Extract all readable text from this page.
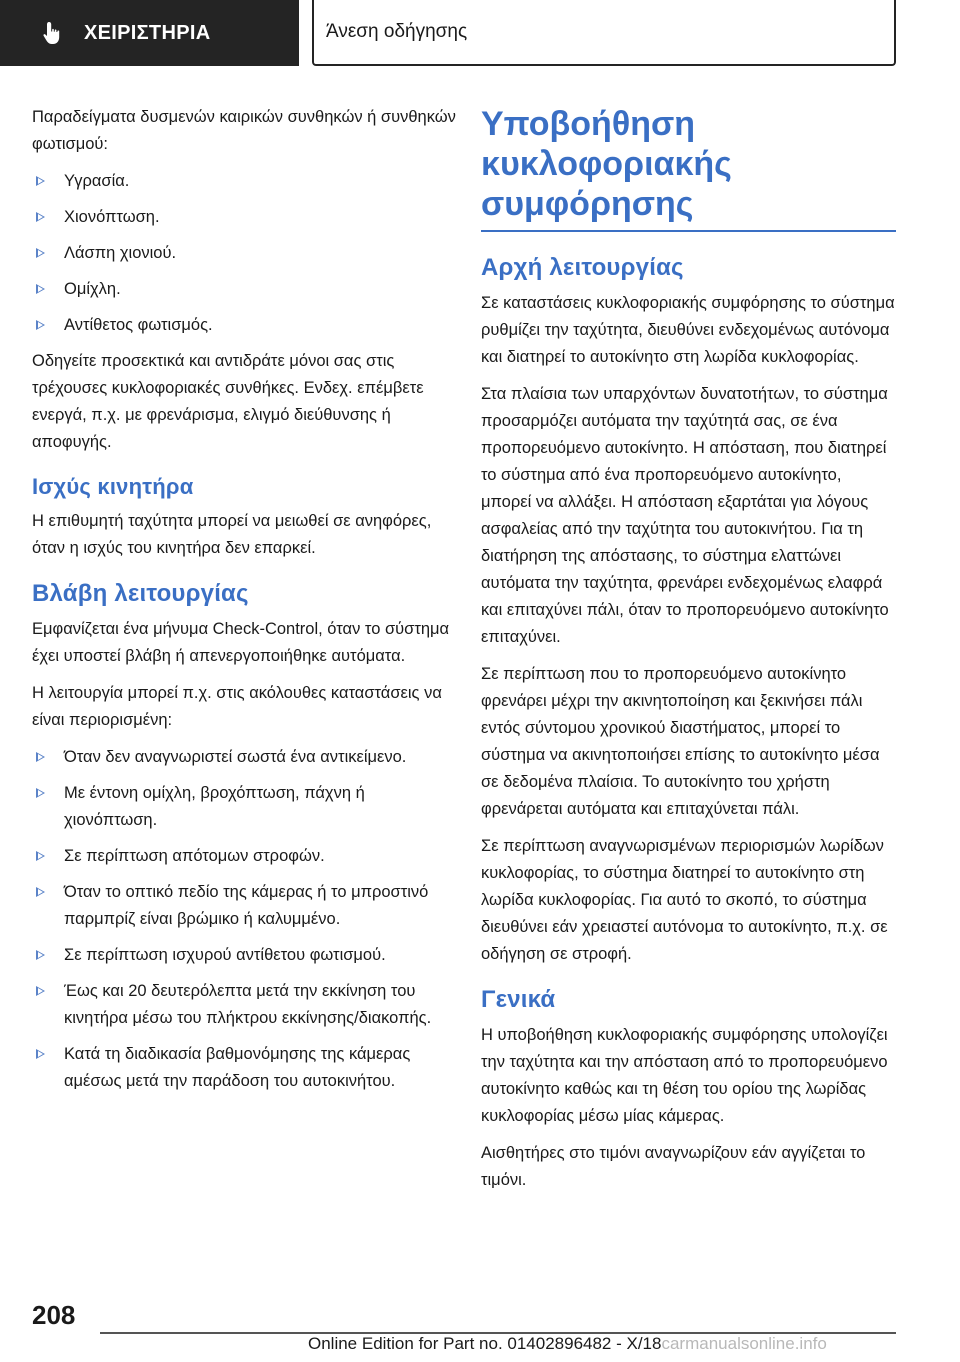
ΧΕΙΡΙΣΤΗΡΙΑ	Άνεση οδήγησης

Παραδείγματα δυσμενών καιρικών συνθηκών ή συνθηκών φωτισμού:

Υγρασία.
Χιονόπτωση.
Λάσπη χιονιού.
Ομίχλη.
Αντίθετος φωτισμός.

Οδηγείτε προσεκτικά και αντιδράτε μόνοι σας στις τρέχουσες κυκλοφοριακές συνθήκες. Ενδεχ. επέμβετε ενεργά, π.χ. με φρενάρισμα, ελιγμό διεύθυνσης ή αποφυγής.

Ισχύς κινητήρα

Η επιθυμητή ταχύτητα μπορεί να μειωθεί σε ανηφόρες, όταν η ισχύς του κινητήρα δεν επαρκεί.

Βλάβη λειτουργίας

Εμφανίζεται ένα μήνυμα Check-Control, όταν το σύστημα έχει υποστεί βλάβη ή απενεργοποιήθηκε αυτόματα.

Η λειτουργία μπορεί π.χ. στις ακόλουθες καταστάσεις να είναι περιορισμένη:

Όταν δεν αναγνωριστεί σωστά ένα αντικείμενο.
Με έντονη ομίχλη, βροχόπτωση, πάχνη ή χιονόπτωση.
Σε περίπτωση απότομων στροφών.
Όταν το οπτικό πεδίο της κάμερας ή το μπροστινό παρμπρίζ είναι βρώμικο ή καλυμμένο.
Σε περίπτωση ισχυρού αντίθετου φωτισμού.
Έως και 20 δευτερόλεπτα μετά την εκκίνηση του κινητήρα μέσω του πλήκτρου εκκίνησης/διακοπής.
Κατά τη διαδικασία βαθμονόμησης της κάμερας αμέσως μετά την παράδοση του αυτοκινήτου.
Υποβοήθηση κυκλοφοριακής συμφόρησης
Αρχή λειτουργίας

Σε καταστάσεις κυκλοφοριακής συμφόρησης το σύστημα ρυθμίζει την ταχύτητα, διευθύνει ενδεχομένως αυτόνομα και διατηρεί το αυτοκίνητο στη λωρίδα κυκλοφορίας.

Στα πλαίσια των υπαρχόντων δυνατοτήτων, το σύστημα προσαρμόζει αυτόματα την ταχύτητά σας, σε ένα προπορευόμενο αυτοκίνητο. Η απόσταση, που διατηρεί το σύστημα από ένα προπορευόμενο αυτοκίνητο, μπορεί να αλλάξει. Η απόσταση εξαρτάται για λόγους ασφαλείας από την ταχύτητα του αυτοκινήτου. Για τη διατήρηση της απόστασης, το σύστημα ελαττώνει αυτόματα την ταχύτητα, φρενάρει ενδεχομένως ελαφρά και επιταχύνει πάλι, όταν το προπορευόμενο αυτοκίνητο επιταχύνει.

Σε περίπτωση που το προπορευόμενο αυτοκίνητο φρενάρει μέχρι την ακινητοποίηση και ξεκινήσει πάλι εντός σύντομου χρονικού διαστήματος, μπορεί το σύστημα να ακινητοποιήσει επίσης το αυτοκίνητο μέσα σε δεδομένα πλαίσια. Το αυτοκίνητο του χρήστη φρενάρεται αυτόματα και επιταχύνεται πάλι.

Σε περίπτωση αναγνωρισμένων περιορισμών λωρίδων κυκλοφορίας, το σύστημα διατηρεί το αυτοκίνητο στη λωρίδα κυκλοφορίας. Για αυτό το σκοπό, το σύστημα διευθύνει εάν χρειαστεί αυτόνομα το αυτοκίνητο, π.χ. σε οδήγηση σε στροφή.

Γενικά

Η υποβοήθηση κυκλοφοριακής συμφόρησης υπολογίζει την ταχύτητα και την απόσταση από το προπορευόμενο αυτοκίνητο καθώς και τη θέση του ορίου της λωρίδας κυκλοφορίας μέσω μίας κάμερας.

Αισθητήρες στο τιμόνι αναγνωρίζουν εάν αγγίζεται το τιμόνι.

208
Online Edition for Part no. 01402896482 - X/18carmanualsonline.info
